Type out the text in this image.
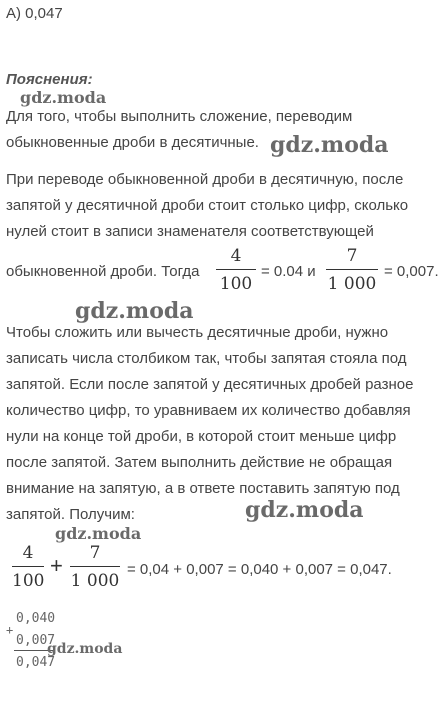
А) 0,047
Пояснения:
gdz.moda
Для того, чтобы выполнить сложение, переводим
обыкновенные дроби в десятичные. gdz.moda
При переводе обыкновенной дроби в десятичную, после
запятой у десятичной дроби стоит столько цифр, сколько
нулей стоит в записи знаменателя соответствующей
обыкновенной дроби. Тогда
4
100
= 0.04 и
7
1 000
= 0,007.
gdz.moda
Чтобы сложить или вычесть десятичные дроби, нужно
записать числа столбиком так, чтобы запятая стояла под
запятой. Если после запятой у десятичных дробей разное
количество цифр, то уравниваем их количество добавляя
нули на конце той дроби, в которой стоит меньше цифр
после запятой. Затем выполнить действие не обращая
внимание на запятую, а в ответе поставить запятую под
запятой. Получим:	gdz.moda
gdz.moda
4
100
+	7
1 000
= 0,04 + 0,007 = 0,040 + 0,007 = 0,047.
0,040
+
0,007
0,047
gdz.moda
